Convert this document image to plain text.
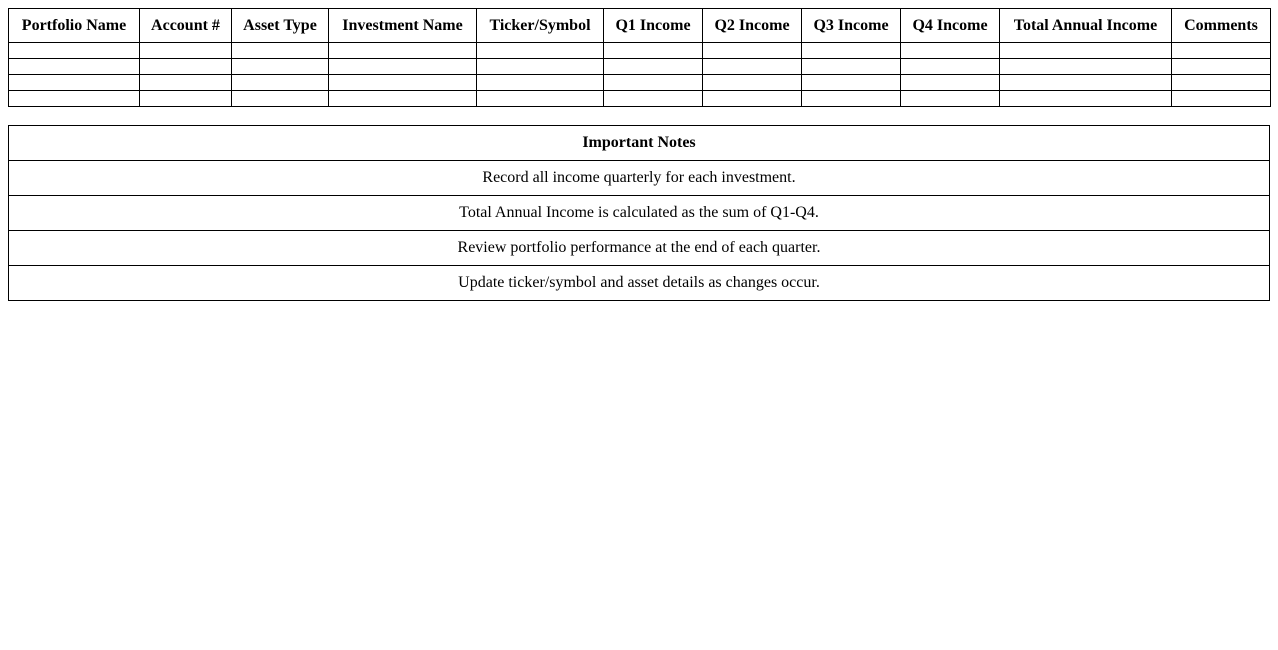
Portfolio Name	Account #	Asset Type	Investment Name	Ticker/Symbol	Q1 Income	Q2 Income	Q3 Income	Q4 Income	Total Annual Income	Comments

Important Notes
Record all income quarterly for each investment.
Total Annual Income is calculated as the sum of Q1-Q4.
Review portfolio performance at the end of each quarter.
Update ticker/symbol and asset details as changes occur.
